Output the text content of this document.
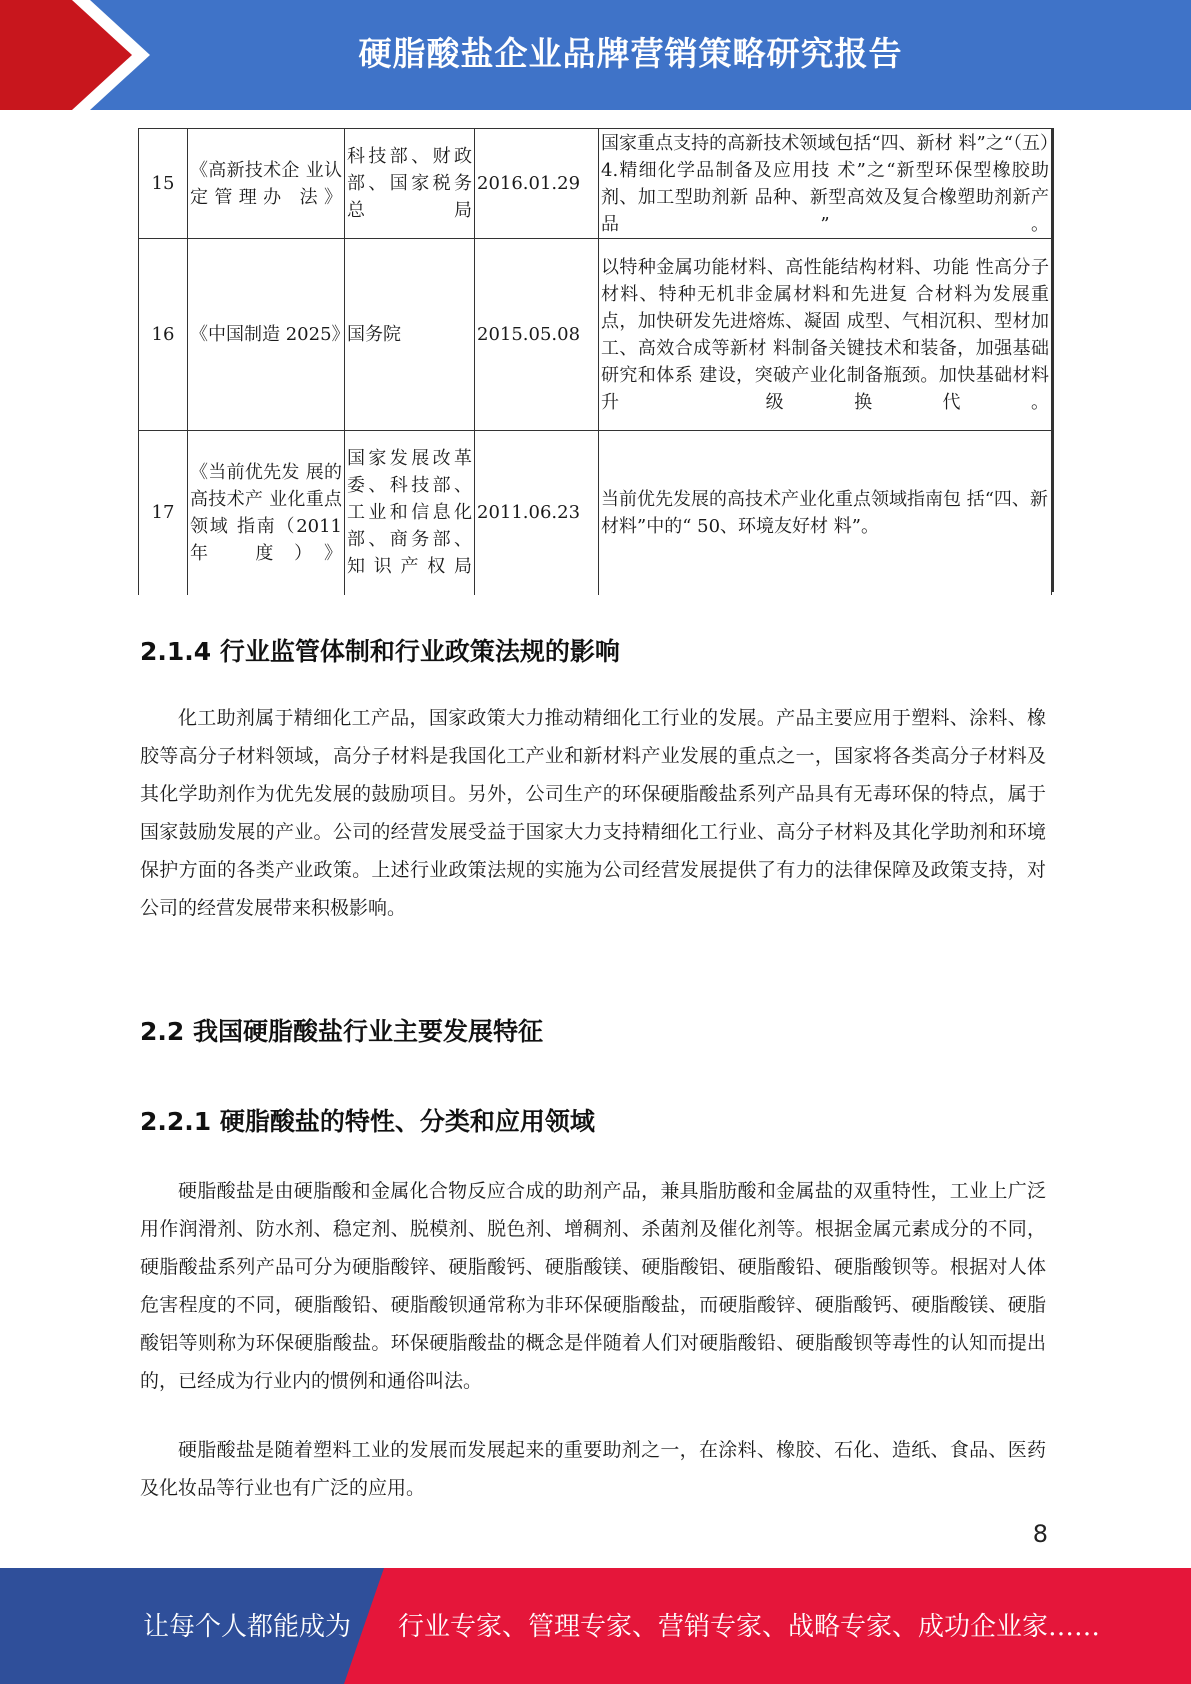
硬脂酸盐企业品牌营销策略研究报告
15	《高新技术企 业认定管理办 法》	科技部、财政部、国家税务总局	2016.01.29	国家重点支持的高新技术领域包括“四、新材 料”之“（五）4.精细化学品制备及应用技 术”之“新型环保型橡胶助剂、加工型助剂新 品种、新型高效及复合橡塑助剂新产品”。
16	《中国制造 2025》	国务院	2015.05.08	以特种金属功能材料、高性能结构材料、功能 性高分子材料、特种无机非金属材料和先进复 合材料为发展重点，加快研发先进熔炼、凝固 成型、气相沉积、型材加工、高效合成等新材 料制备关键技术和装备，加强基础研究和体系 建设，突破产业化制备瓶颈。加快基础材料升 级换代。
17	《当前优先发 展的高技术产 业化重点领域 指南（2011年 度）》	国家发展改革委、科技部、工业和信息化部、商务部、知识产权局	2011.06.23	当前优先发展的高技术产业化重点领域指南包 括“四、新材料”中的“ 50、环境友好材 料”。
2.1.4 行业监管体制和行业政策法规的影响

化工助剂属于精细化工产品，国家政策大力推动精细化工行业的发展。产品主要应用于塑料、涂料、橡胶等高分子材料领域，高分子材料是我国化工产业和新材料产业发展的重点之一，国家将各类高分子材料及其化学助剂作为优先发展的鼓励项目。另外，公司生产的环保硬脂酸盐系列产品具有无毒环保的特点，属于国家鼓励发展的产业。公司的经营发展受益于国家大力支持精细化工行业、高分子材料及其化学助剂和环境保护方面的各类产业政策。上述行业政策法规的实施为公司经营发展提供了有力的法律保障及政策支持，对公司的经营发展带来积极影响。

2.2 我国硬脂酸盐行业主要发展特征
2.2.1 硬脂酸盐的特性、分类和应用领域

硬脂酸盐是由硬脂酸和金属化合物反应合成的助剂产品，兼具脂肪酸和金属盐的双重特性，工业上广泛用作润滑剂、防水剂、稳定剂、脱模剂、脱色剂、增稠剂、杀菌剂及催化剂等。根据金属元素成分的不同，硬脂酸盐系列产品可分为硬脂酸锌、硬脂酸钙、硬脂酸镁、硬脂酸铝、硬脂酸铅、硬脂酸钡等。根据对人体危害程度的不同，硬脂酸铅、硬脂酸钡通常称为非环保硬脂酸盐，而硬脂酸锌、硬脂酸钙、硬脂酸镁、硬脂酸铝等则称为环保硬脂酸盐。环保硬脂酸盐的概念是伴随着人们对硬脂酸铅、硬脂酸钡等毒性的认知而提出的，已经成为行业内的惯例和通俗叫法。

硬脂酸盐是随着塑料工业的发展而发展起来的重要助剂之一，在涂料、橡胶、石化、造纸、食品、医药及化妆品等行业也有广泛的应用。

8
让每个人都能成为 行业专家、管理专家、营销专家、战略专家、成功企业家……
